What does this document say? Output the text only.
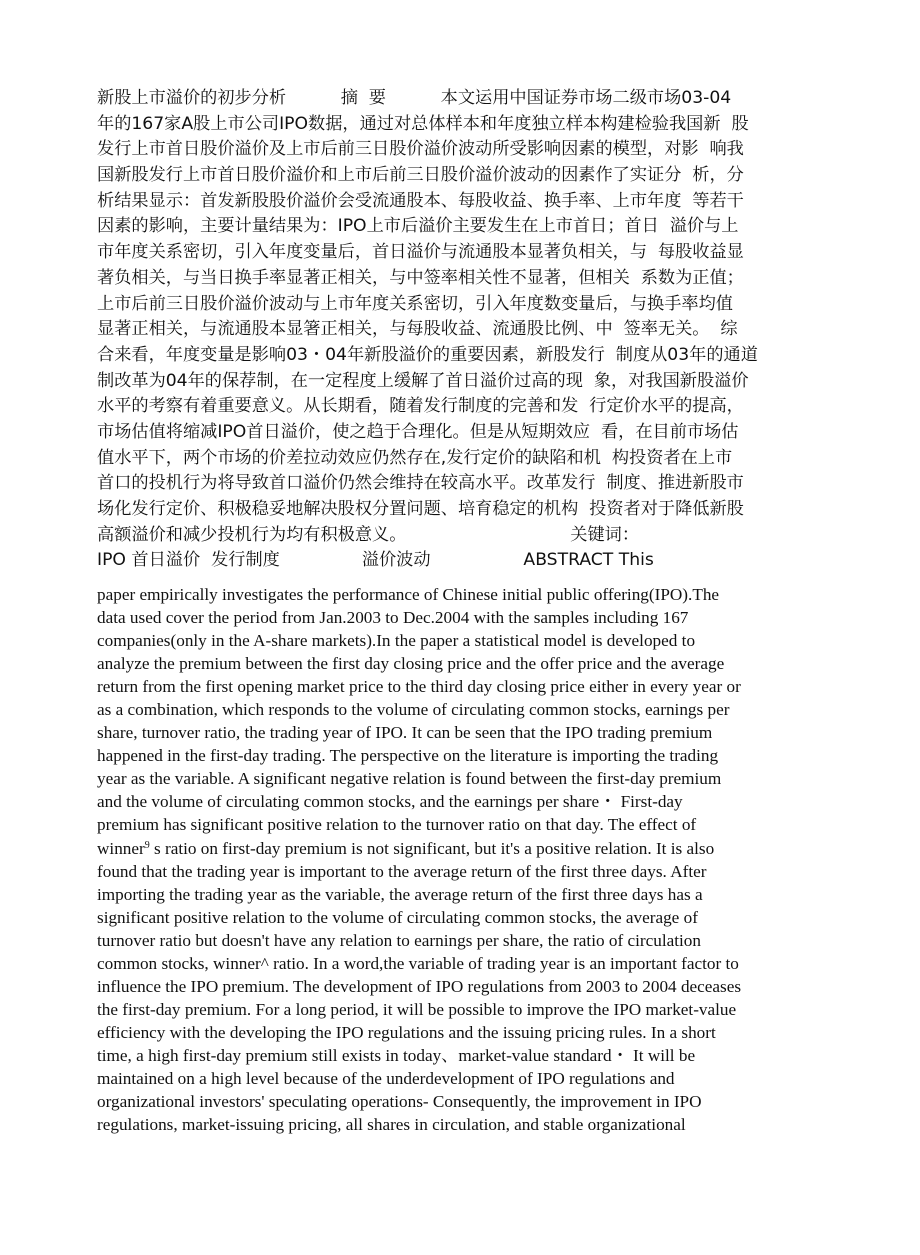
新股上市溢价的初步分析          摘  要          本文运用中国证券市场二级市场03-04
年的167家A股上市公司IPO数据，通过对总体样本和年度独立样本构建检验我国新  股
发行上市首日股价溢价及上市后前三日股价溢价波动所受影响因素的模型，对影  响我
国新股发行上市首日股价溢价和上市后前三日股价溢价波动的因素作了实证分  析，分
析结果显示：首发新股股价溢价会受流通股本、每股收益、换手率、上市年度  等若干
因素的影响，主要计量结果为：IPO上市后溢价主要发生在上市首日；首日  溢价与上
市年度关系密切，引入年度变量后，首日溢价与流通股本显著负相关，与  每股收益显
著负相关，与当日换手率显著正相关，与中签率相关性不显著，但相关  系数为正值；
上市后前三日股价溢价波动与上市年度关系密切，引入年度数变量后，与换手率均值
显著正相关，与流通股本显箸正相关，与每股收益、流通股比例、中  签率无关。  综
合来看，年度变量是影响03・04年新股溢价的重要因素，新股发行  制度从03年的通道
制改革为04年的保荐制，在一定程度上缓解了首日溢价过高的现  象，对我国新股溢价
水平的考察有着重要意义。从长期看，随着发行制度的完善和发  行定价水平的提高，
市场估值将缩减IPO首日溢价，使之趋于合理化。但是从短期效应  看，在目前市场估
值水平下，两个市场的价差拉动效应仍然存在,发行定价的缺陷和机  构投资者在上市
首口的投机行为将导致首口溢价仍然会维持在较高水平。改革发行  制度、推进新股市
场化发行定价、积极稳妥地解决股权分置问题、培育稳定的机构  投资者对于降低新股
高额溢价和减少投机行为均有积极意义。                              关键词：
IPO 首日溢价  发行制度               溢价波动                 ABSTRACT This
paper empirically investigates the performance of Chinese initial public offering(IPO).The
data used cover the period from Jan.2003 to Dec.2004 with the samples including 167
companies(only in the A-share markets).In the paper a statistical model is developed to
analyze the premium between the first day closing price and the offer price and the average
return from the first opening market price to the third day closing price either in every year or
as a combination, which responds to the volume of circulating common stocks, earnings per
share, turnover ratio, the trading year of IPO. It can be seen that the IPO trading premium
happened in the first-day trading. The perspective on the literature is importing the trading
year as the variable. A significant negative relation is found between the first-day premium
and the volume of circulating common stocks, and the earnings per share・ First-day
premium has significant positive relation to the turnover ratio on that day. The effect of
winner$^9$ s ratio on first-day premium is not significant, but it's a positive relation. It is also
found that the trading year is important to the average return of the first three days. After
importing the trading year as the variable, the average return of the first three days has a
significant positive relation to the volume of circulating common stocks, the average of
turnover ratio but doesn't have any relation to earnings per share, the ratio of circulation
common stocks, winner^ ratio. In a word,the variable of trading year is an important factor to
influence the IPO premium. The development of IPO regulations from 2003 to 2004 deceases
the first-day premium. For a long period, it will be possible to improve the IPO market-value
efficiency with the developing the IPO regulations and the issuing pricing rules. In a short
time, a high first-day premium still exists in today、market-value standard・ It will be
maintained on a high level because of the underdevelopment of IPO regulations and
organizational investors' speculating operations- Consequently, the improvement in IPO
regulations, market-issuing pricing, all shares in circulation, and stable organizational
